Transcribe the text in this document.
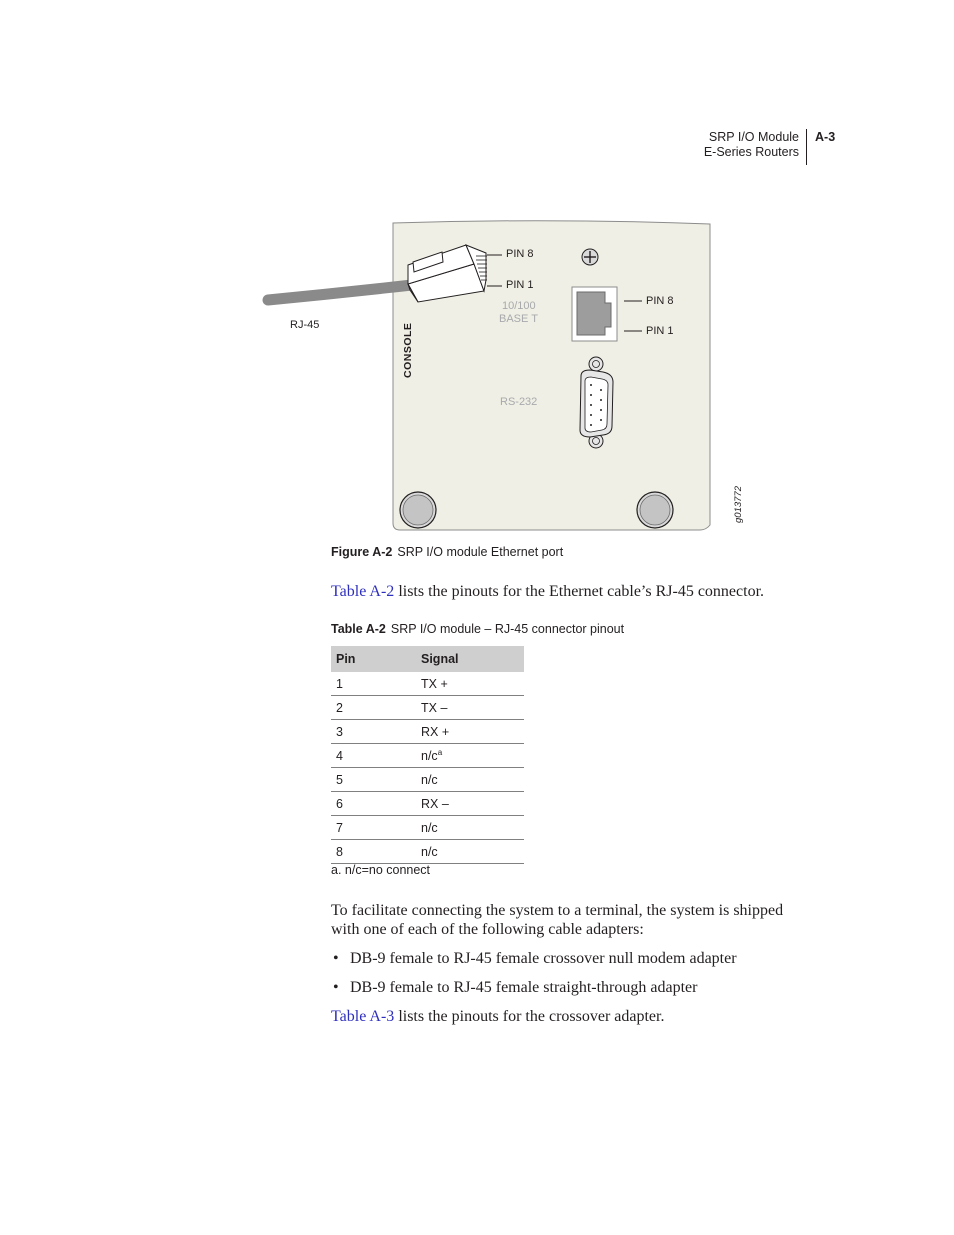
SRP I/O Module
E-Series Routers
A-3
RJ-45
PIN 8
PIN 1
PIN 8
PIN 1
10/100
BASE T
RS-232
CONSOLE
g013772
Figure A-2 SRP I/O module Ethernet port
Table A-2 lists the pinouts for the Ethernet cable’s RJ-45 connector.
Table A-2 SRP I/O module – RJ-45 connector pinout
Pin	Signal
1	TX +
2	TX –
3	RX +
4	$n/c^a$
5	n/c
6	RX –
7	n/c
8	n/c
a. n/c=no connect
To facilitate connecting the system to a terminal, the system is shipped with one of each of the following cable adapters:
• DB-9 female to RJ-45 female crossover null modem adapter
• DB-9 female to RJ-45 female straight-through adapter
Table A-3 lists the pinouts for the crossover adapter.
